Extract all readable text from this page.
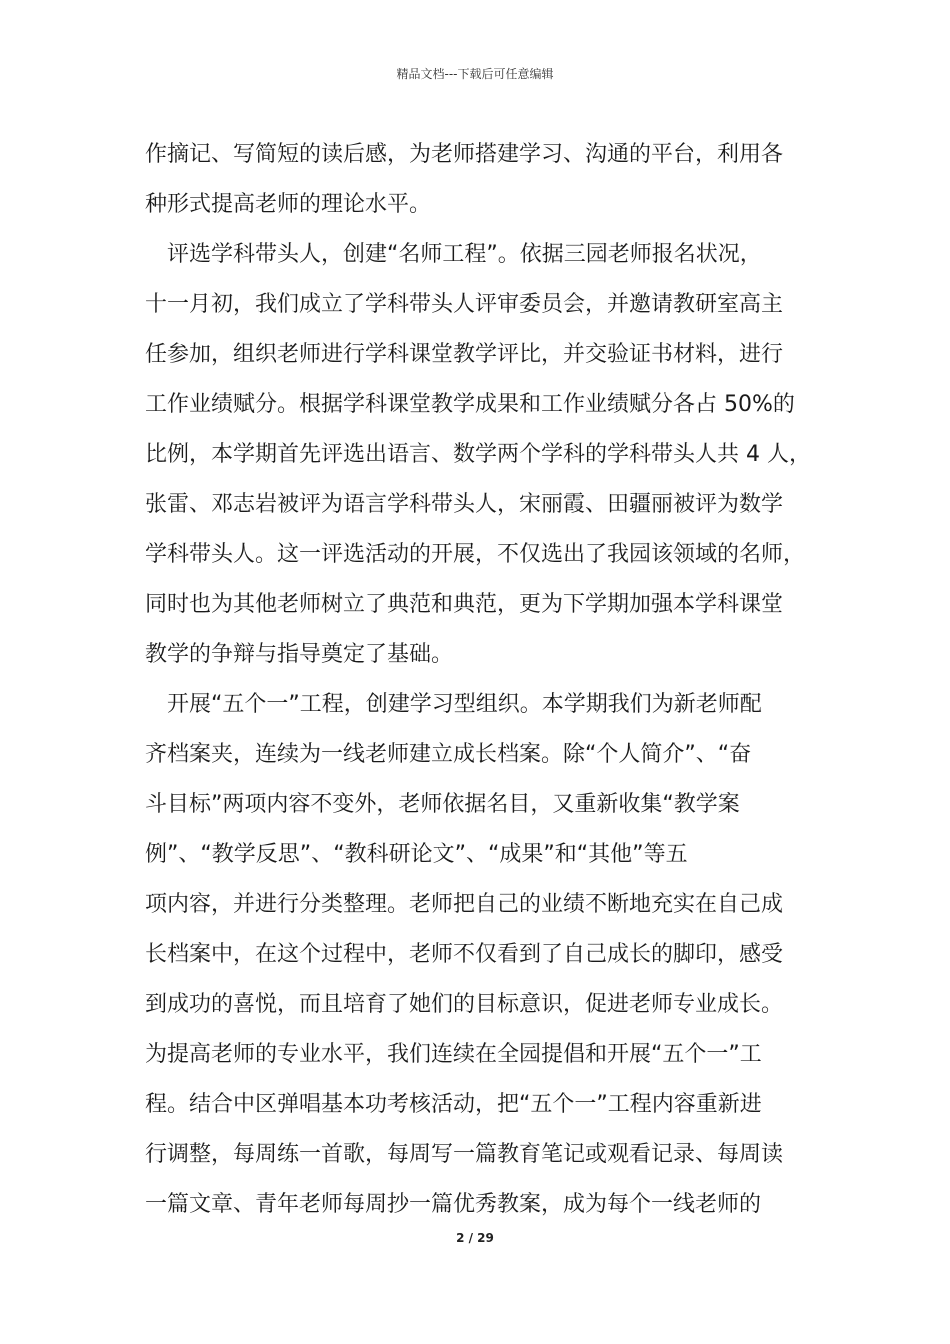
精品文档---下载后可任意编辑
作摘记、写简短的读后感，为老师搭建学习、沟通的平台，利用各
种形式提高老师的理论水平。
评选学科带头人，创建“名师工程”。依据三园老师报名状况，
十一月初，我们成立了学科带头人评审委员会，并邀请教研室高主
任参加，组织老师进行学科课堂教学评比，并交验证书材料，进行
工作业绩赋分。根据学科课堂教学成果和工作业绩赋分各占 50%的
比例，本学期首先评选出语言、数学两个学科的学科带头人共 4 人，
张雷、邓志岩被评为语言学科带头人，宋丽霞、田疆丽被评为数学
学科带头人。这一评选活动的开展，不仅选出了我园该领域的名师，
同时也为其他老师树立了典范和典范，更为下学期加强本学科课堂
教学的争辩与指导奠定了基础。
开展“五个一”工程，创建学习型组织。本学期我们为新老师配
齐档案夹，连续为一线老师建立成长档案。除“个人简介”、“奋
斗目标”两项内容不变外，老师依据名目，又重新收集“教学案
例”、“教学反思”、“教科研论文”、“成果”和“其他”等五
项内容，并进行分类整理。老师把自己的业绩不断地充实在自己成
长档案中，在这个过程中，老师不仅看到了自己成长的脚印，感受
到成功的喜悦，而且培育了她们的目标意识，促进老师专业成长。
为提高老师的专业水平，我们连续在全园提倡和开展“五个一”工
程。结合中区弹唱基本功考核活动，把“五个一”工程内容重新进
行调整，每周练一首歌，每周写一篇教育笔记或观看记录、每周读
一篇文章、青年老师每周抄一篇优秀教案，成为每个一线老师的
2 / 29
